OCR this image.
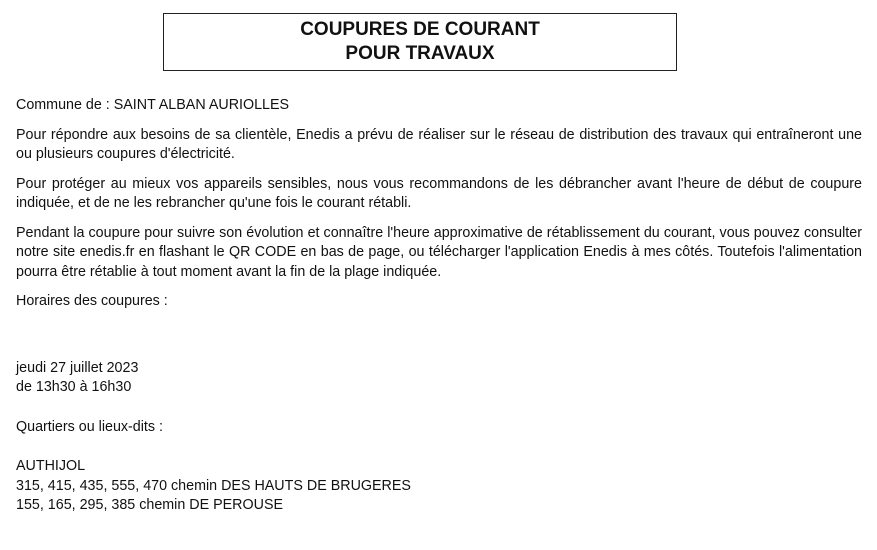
COUPURES DE COURANT
POUR TRAVAUX

Commune de : SAINT ALBAN AURIOLLES

Pour répondre aux besoins de sa clientèle, Enedis a prévu de réaliser sur le réseau de distribution des travaux qui entraîneront une ou plusieurs coupures d'électricité.

Pour protéger au mieux vos appareils sensibles, nous vous recommandons de les débrancher avant l'heure de début de coupure indiquée, et de ne les rebrancher qu'une fois le courant rétabli.

Pendant la coupure pour suivre son évolution et connaître l'heure approximative de rétablissement du courant, vous pouvez consulter notre site enedis.fr en flashant le QR CODE en bas de page, ou télécharger l'application Enedis à mes côtés. Toutefois l'alimentation pourra être rétablie à tout moment avant la fin de la plage indiquée.

Horaires des coupures :

jeudi 27 juillet 2023
de 13h30 à 16h30

Quartiers ou lieux-dits :

AUTHIJOL
315, 415, 435, 555, 470 chemin DES HAUTS DE BRUGERES
155, 165, 295, 385 chemin DE PEROUSE
